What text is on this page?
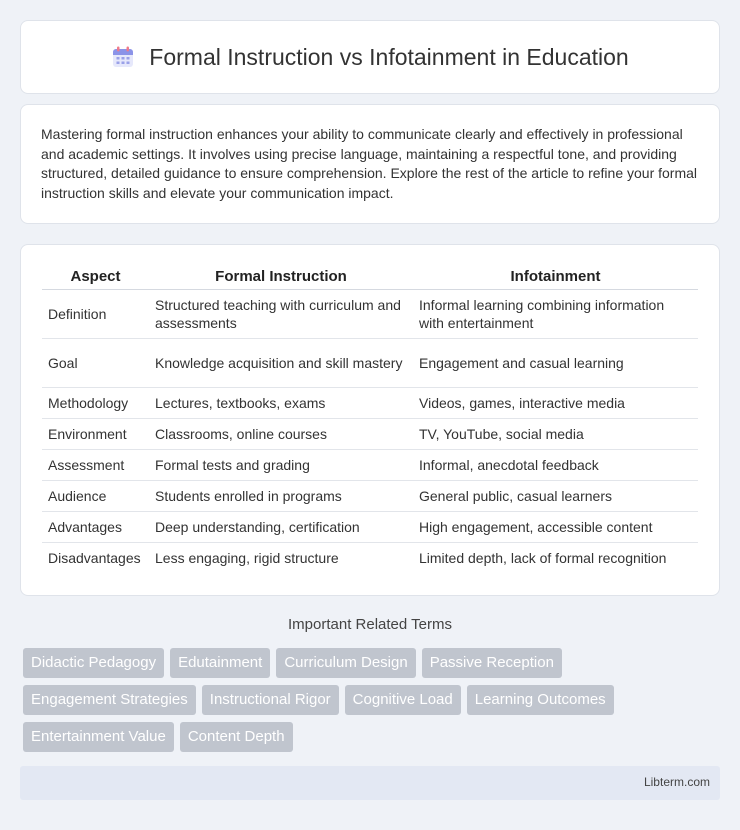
Formal Instruction vs Infotainment in Education

Mastering formal instruction enhances your ability to communicate clearly and effectively in professional and academic settings. It involves using precise language, maintaining a respectful tone, and providing structured, detailed guidance to ensure comprehension. Explore the rest of the article to refine your formal instruction skills and elevate your communication impact.

Aspect	Formal Instruction	Infotainment
Definition	Structured teaching with curriculum and assessments	Informal learning combining information with entertainment
Goal	Knowledge acquisition and skill mastery	Engagement and casual learning
Methodology	Lectures, textbooks, exams	Videos, games, interactive media
Environment	Classrooms, online courses	TV, YouTube, social media
Assessment	Formal tests and grading	Informal, anecdotal feedback
Audience	Students enrolled in programs	General public, casual learners
Advantages	Deep understanding, certification	High engagement, accessible content
Disadvantages	Less engaging, rigid structure	Limited depth, lack of formal recognition
Important Related Terms
Didactic Pedagogy	Edutainment	Curriculum Design	Passive Reception
Engagement Strategies	Instructional Rigor	Cognitive Load	Learning Outcomes
Entertainment Value	Content Depth
Libterm.com
